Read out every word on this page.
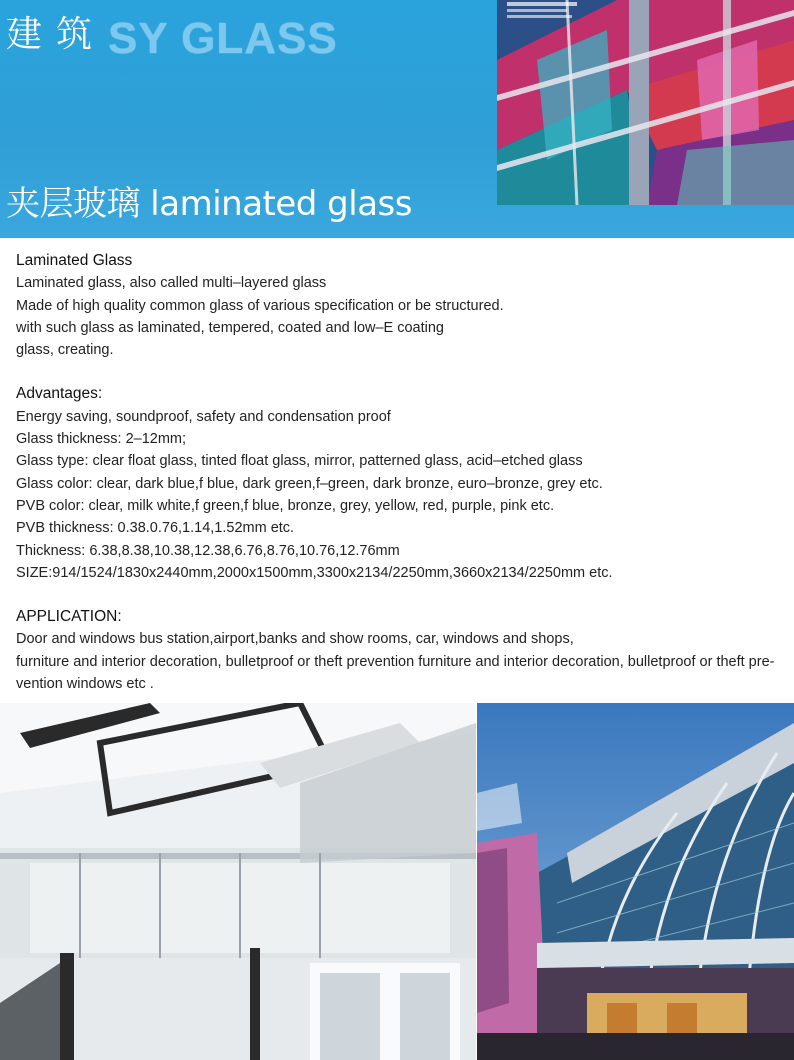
建筑 SY GLASS
夹层玻璃 laminated glass

Laminated Glass

Laminated glass, also called multi–layered glass

Made of high quality common glass of various specification or be structured.

with such glass as laminated, tempered, coated and low–E coating

glass, creating.

Advantages:

Energy saving, soundproof, safety and condensation proof

Glass thickness: 2–12mm;

Glass type: clear float glass, tinted float glass, mirror, patterned glass, acid–etched glass

Glass color: clear, dark blue,f blue, dark green,f–green, dark bronze, euro–bronze, grey etc.

PVB color: clear, milk white,f green,f blue, bronze, grey, yellow, red, purple, pink etc.

PVB thickness: 0.38.0.76,1.14,1.52mm etc.

Thickness: 6.38,8.38,10.38,12.38,6.76,8.76,10.76,12.76mm

SIZE:914/1524/1830x2440mm,2000x1500mm,3300x2134/2250mm,3660x2134/2250mm etc.

APPLICATION:

Door and windows bus station,airport,banks and show rooms, car, windows and shops,

furniture and interior decoration, bulletproof or theft prevention furniture and interior decoration, bulletproof or theft pre-vention windows etc .
